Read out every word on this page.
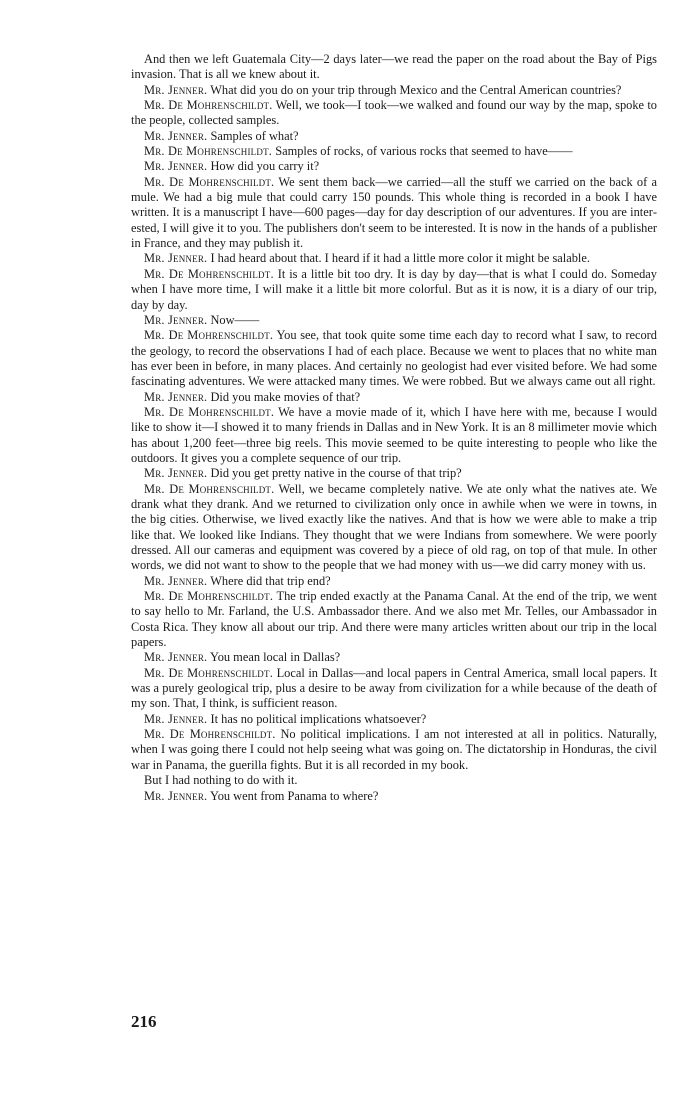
And then we left Guatemala City—2 days later—we read the paper on the road about the Bay of Pigs invasion. That is all we knew about it.

Mr. Jenner. What did you do on your trip through Mexico and the Central American countries?

Mr. De Mohrenschildt. Well, we took—I took—we walked and found our way by the map, spoke to the people, collected samples.

Mr. Jenner. Samples of what?

Mr. De Mohrenschildt. Samples of rocks, of various rocks that seemed to have——

Mr. Jenner. How did you carry it?

Mr. De Mohrenschildt. We sent them back—we carried—all the stuff we carried on the back of a mule. We had a big mule that could carry 150 pounds. This whole thing is recorded in a book I have written. It is a manuscript I have—600 pages—day for day description of our adventures. If you are interested, I will give it to you. The publishers don't seem to be interested. It is now in the hands of a publisher in France, and they may publish it.

Mr. Jenner. I had heard about that. I heard if it had a little more color it might be salable.

Mr. De Mohrenschildt. It is a little bit too dry. It is day by day—that is what I could do. Someday when I have more time, I will make it a little bit more colorful. But as it is now, it is a diary of our trip, day by day.

Mr. Jenner. Now——

Mr. De Mohrenschildt. You see, that took quite some time each day to record what I saw, to record the geology, to record the observations I had of each place. Because we went to places that no white man has ever been in before, in many places. And certainly no geologist had ever visited before. We had some fascinating adventures. We were attacked many times. We were robbed. But we always came out all right.

Mr. Jenner. Did you make movies of that?

Mr. De Mohrenschildt. We have a movie made of it, which I have here with me, because I would like to show it—I showed it to many friends in Dallas and in New York. It is an 8 millimeter movie which has about 1,200 feet—three big reels. This movie seemed to be quite interesting to people who like the outdoors. It gives you a complete sequence of our trip.

Mr. Jenner. Did you get pretty native in the course of that trip?

Mr. De Mohrenschildt. Well, we became completely native. We ate only what the natives ate. We drank what they drank. And we returned to civilization only once in awhile when we were in towns, in the big cities. Otherwise, we lived exactly like the natives. And that is how we were able to make a trip like that. We looked like Indians. They thought that we were Indians from somewhere. We were poorly dressed. All our cameras and equipment was covered by a piece of old rag, on top of that mule. In other words, we did not want to show to the people that we had money with us—we did carry money with us.

Mr. Jenner. Where did that trip end?

Mr. De Mohrenschildt. The trip ended exactly at the Panama Canal. At the end of the trip, we went to say hello to Mr. Farland, the U.S. Ambassador there. And we also met Mr. Telles, our Ambassador in Costa Rica. They know all about our trip. And there were many articles written about our trip in the local papers.

Mr. Jenner. You mean local in Dallas?

Mr. De Mohrenschildt. Local in Dallas—and local papers in Central America, small local papers. It was a purely geological trip, plus a desire to be away from civilization for a while because of the death of my son. That, I think, is sufficient reason.

Mr. Jenner. It has no political implications whatsoever?

Mr. De Mohrenschildt. No political implications. I am not interested at all in politics. Naturally, when I was going there I could not help seeing what was going on. The dictatorship in Honduras, the civil war in Panama, the guerilla fights. But it is all recorded in my book.

But I had nothing to do with it.

Mr. Jenner. You went from Panama to where?

216
